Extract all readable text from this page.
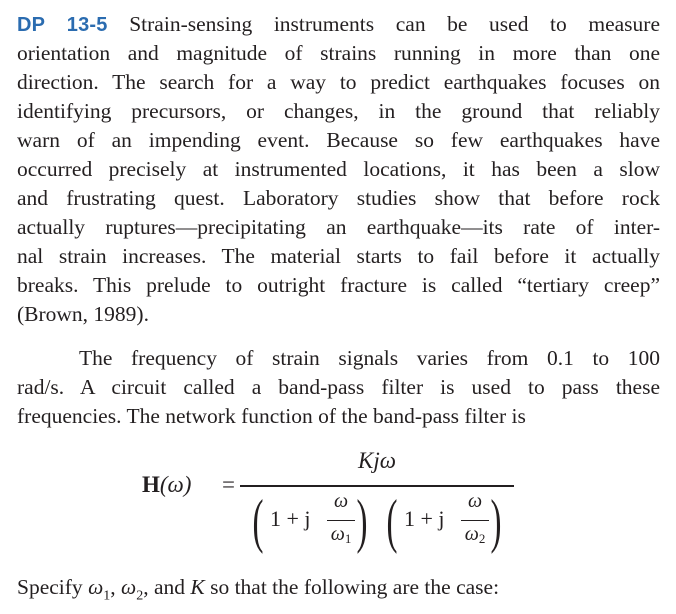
DP 13-5 Strain-sensing instruments can be used to measure
orientation and magnitude of strains running in more than one
direction. The search for a way to predict earthquakes focuses on
identifying precursors, or changes, in the ground that reliably
warn of an impending event. Because so few earthquakes have
occurred precisely at instrumented locations, it has been a slow
and frustrating quest. Laboratory studies show that before rock
actually ruptures—precipitating an earthquake—its rate of inter-
nal strain increases. The material starts to fail before it actually
breaks. This prelude to outright fracture is called “tertiary creep”
(Brown, 1989).
The frequency of strain signals varies from 0.1 to 100
rad/s. A circuit called a band-pass filter is used to pass these
frequencies. The network function of the band-pass filter is
H(ω) =
Kjω
( 1 + j
ω
$\omega_1$ ) ( 1 + j
ω
$\omega_2$ )
Specify $\omega_1$, $\omega_2$, and K so that the following are the case:
